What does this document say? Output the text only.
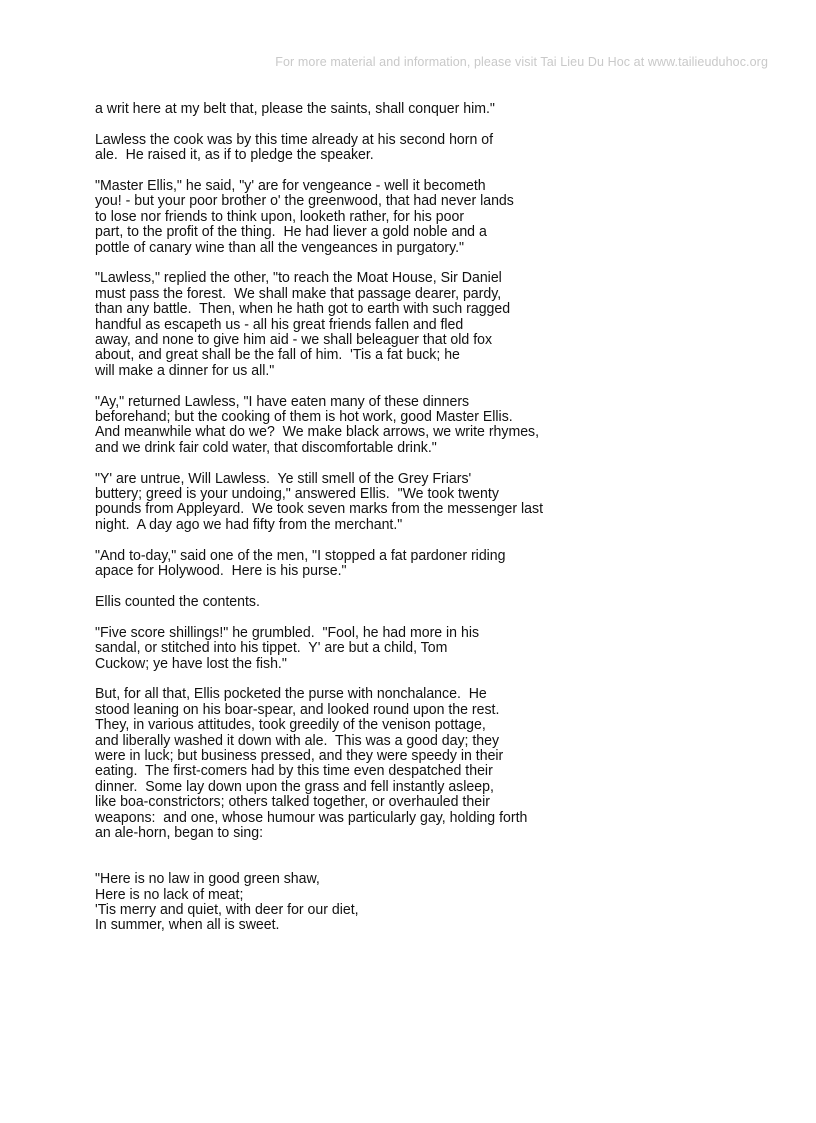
For more material and information, please visit Tai Lieu Du Hoc at www.tailieuduhoc.org

a writ here at my belt that, please the saints, shall conquer him."

Lawless the cook was by this time already at his second horn of
ale.  He raised it, as if to pledge the speaker.

"Master Ellis," he said, "y' are for vengeance - well it becometh
you! - but your poor brother o' the greenwood, that had never lands
to lose nor friends to think upon, looketh rather, for his poor
part, to the profit of the thing.  He had liever a gold noble and a
pottle of canary wine than all the vengeances in purgatory."

"Lawless," replied the other, "to reach the Moat House, Sir Daniel
must pass the forest.  We shall make that passage dearer, pardy,
than any battle.  Then, when he hath got to earth with such ragged
handful as escapeth us - all his great friends fallen and fled
away, and none to give him aid - we shall beleaguer that old fox
about, and great shall be the fall of him.  'Tis a fat buck; he
will make a dinner for us all."

"Ay," returned Lawless, "I have eaten many of these dinners
beforehand; but the cooking of them is hot work, good Master Ellis.
And meanwhile what do we?  We make black arrows, we write rhymes,
and we drink fair cold water, that discomfortable drink."

"Y' are untrue, Will Lawless.  Ye still smell of the Grey Friars'
buttery; greed is your undoing," answered Ellis.  "We took twenty
pounds from Appleyard.  We took seven marks from the messenger last
night.  A day ago we had fifty from the merchant."

"And to-day," said one of the men, "I stopped a fat pardoner riding
apace for Holywood.  Here is his purse."

Ellis counted the contents.

"Five score shillings!" he grumbled.  "Fool, he had more in his
sandal, or stitched into his tippet.  Y' are but a child, Tom
Cuckow; ye have lost the fish."

But, for all that, Ellis pocketed the purse with nonchalance.  He
stood leaning on his boar-spear, and looked round upon the rest.
They, in various attitudes, took greedily of the venison pottage,
and liberally washed it down with ale.  This was a good day; they
were in luck; but business pressed, and they were speedy in their
eating.  The first-comers had by this time even despatched their
dinner.  Some lay down upon the grass and fell instantly asleep,
like boa-constrictors; others talked together, or overhauled their
weapons:  and one, whose humour was particularly gay, holding forth
an ale-horn, began to sing:

"Here is no law in good green shaw,
Here is no lack of meat;
'Tis merry and quiet, with deer for our diet,
In summer, when all is sweet.
